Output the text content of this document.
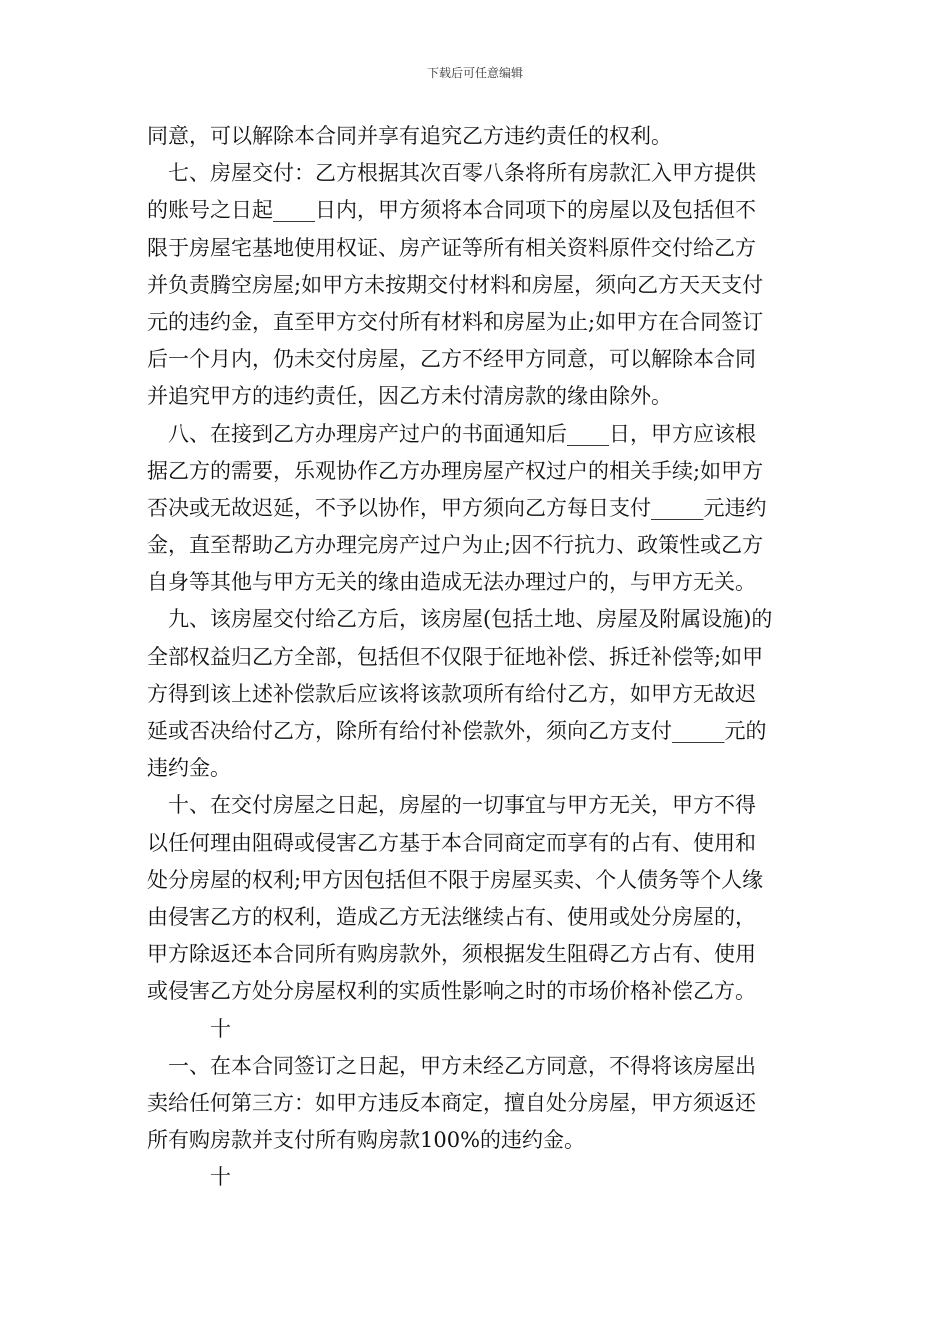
下载后可任意编辑
同意，可以解除本合同并享有追究乙方违约责任的权利。
七、房屋交付：乙方根据其次百零八条将所有房款汇入甲方提供
的账号之日起____日内，甲方须将本合同项下的房屋以及包括但不
限于房屋宅基地使用权证、房产证等所有相关资料原件交付给乙方
并负责腾空房屋;如甲方未按期交付材料和房屋，须向乙方天天支付
元的违约金，直至甲方交付所有材料和房屋为止;如甲方在合同签订
后一个月内，仍未交付房屋，乙方不经甲方同意，可以解除本合同
并追究甲方的违约责任，因乙方未付清房款的缘由除外。
八、在接到乙方办理房产过户的书面通知后____日，甲方应该根
据乙方的需要，乐观协作乙方办理房屋产权过户的相关手续;如甲方
否决或无故迟延，不予以协作，甲方须向乙方每日支付_____元违约
金，直至帮助乙方办理完房产过户为止;因不行抗力、政策性或乙方
自身等其他与甲方无关的缘由造成无法办理过户的，与甲方无关。
九、该房屋交付给乙方后，该房屋(包括土地、房屋及附属设施)的
全部权益归乙方全部，包括但不仅限于征地补偿、拆迁补偿等;如甲
方得到该上述补偿款后应该将该款项所有给付乙方，如甲方无故迟
延或否决给付乙方，除所有给付补偿款外，须向乙方支付_____元的
违约金。
十、在交付房屋之日起，房屋的一切事宜与甲方无关，甲方不得
以任何理由阻碍或侵害乙方基于本合同商定而享有的占有、使用和
处分房屋的权利;甲方因包括但不限于房屋买卖、个人债务等个人缘
由侵害乙方的权利，造成乙方无法继续占有、使用或处分房屋的，
甲方除返还本合同所有购房款外，须根据发生阻碍乙方占有、使用
或侵害乙方处分房屋权利的实质性影响之时的市场价格补偿乙方。
十
一、在本合同签订之日起，甲方未经乙方同意，不得将该房屋出
卖给任何第三方：如甲方违反本商定，擅自处分房屋，甲方须返还
所有购房款并支付所有购房款100%的违约金。
十
